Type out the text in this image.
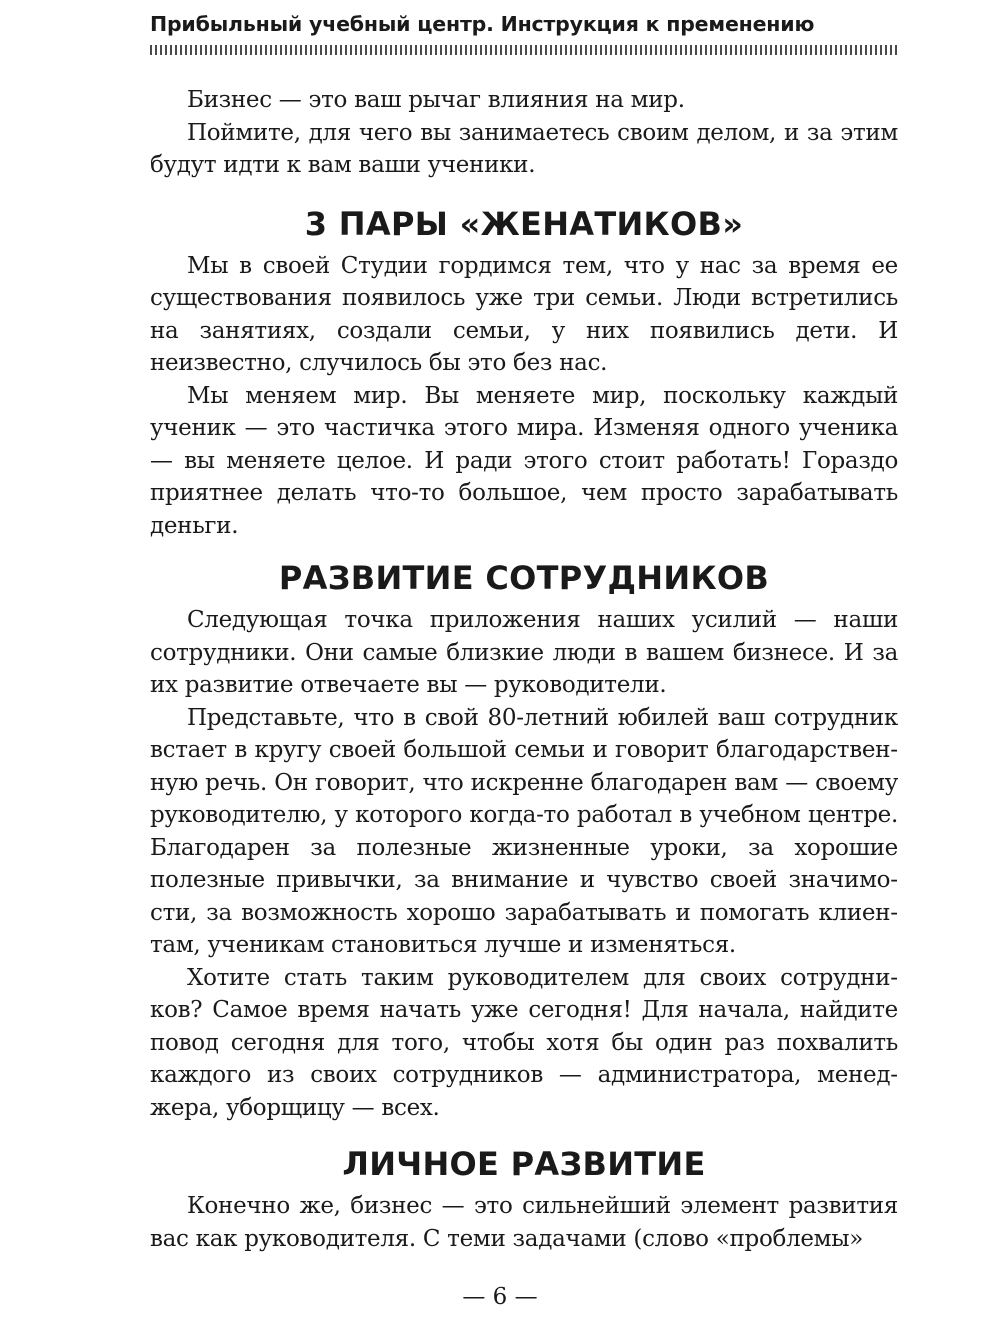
Прибыльный учебный центр. Инструкция к пременению

Бизнес — это ваш рычаг влияния на мир.

Поймите, для чего вы занимаетесь своим делом, и за этим будут идти к вам ваши ученики.

3 ПАРЫ «ЖЕНАТИКОВ»

Мы в своей Студии гордимся тем, что у нас за время ее существования появилось уже три семьи. Люди встретились на занятиях, создали семьи, у них появились дети. И неизвестно, случилось бы это без нас.

Мы меняем мир. Вы меняете мир, поскольку каждый ученик — это частичка этого мира. Изменяя одного ученика — вы меняете целое. И ради этого стоит работать! Гораздо приятнее делать что-то большое, чем просто зарабатывать деньги.

РАЗВИТИЕ СОТРУДНИКОВ

Следующая точка приложения наших усилий — наши сотрудники. Они самые близкие люди в вашем бизнесе. И за их развитие отвечаете вы — руководители.

Представьте, что в свой 80-летний юбилей ваш сотрудник встает в кругу своей большой семьи и говорит благодарственную речь. Он говорит, что искренне благодарен вам — своему руководителю, у которого когда-то работал в учебном центре. Благодарен за полезные жизненные уроки, за хорошие полезные привычки, за внимание и чувство своей значимости, за возможность хорошо зарабатывать и помогать клиентам, ученикам становиться лучше и изменяться.

Хотите стать таким руководителем для своих сотрудников? Самое время начать уже сегодня! Для начала, найдите повод сегодня для того, чтобы хотя бы один раз похвалить каждого из своих сотрудников — администратора, менеджера, уборщицу — всех.

ЛИЧНОЕ РАЗВИТИЕ

Конечно же, бизнес — это сильнейший элемент развития вас как руководителя. С теми задачами (слово «проблемы»

— 6 —
